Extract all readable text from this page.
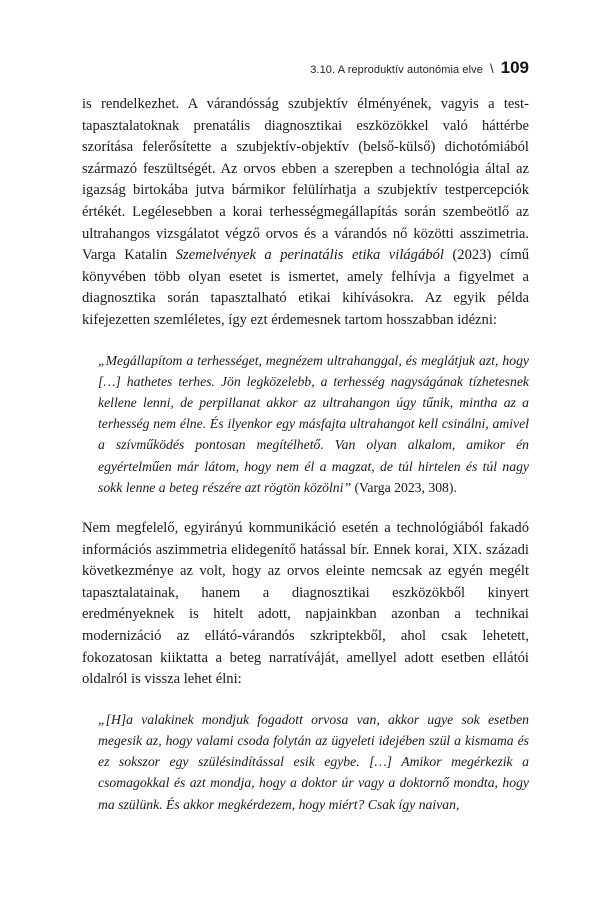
3.10. A reproduktív autonómia elve \ 109

is rendelkezhet. A várandósság szubjektív élményének, vagyis a testtapasztalatoknak prenatális diagnosztikai eszközökkel való háttérbe szorítása felerősítette a szubjektív-objektív (belső-külső) dichotómiából származó feszültségét. Az orvos ebben a szerepben a technológia által az igazság birtokába jutva bármikor felülírhatja a szubjektív testpercepciók értékét. Legélesebben a korai terhességmegállapítás során szembeötlő az ultrahangos vizsgálatot végző orvos és a várandós nő közötti asszimetria. Varga Katalin Szemelvények a perinatális etika világából (2023) című könyvében több olyan esetet is ismertet, amely felhívja a figyelmet a diagnosztika során tapasztalható etikai kihívásokra. Az egyik példa kifejezetten szemléletes, így ezt érdemesnek tartom hosszabban idézni:

„Megállapítom a terhességet, megnézem ultrahanggal, és meglátjuk azt, hogy […] hathetes terhes. Jön legközelebb, a terhesség nagyságának tízhetesnek kellene lenni, de perpillanat akkor az ultrahangon úgy tűnik, mintha az a terhesség nem élne. És ilyenkor egy másfajta ultrahangot kell csinálni, amivel a szívműködés pontosan megítélhető. Van olyan alkalom, amikor én egyértelműen már látom, hogy nem él a magzat, de túl hirtelen és túl nagy sokk lenne a beteg részére azt rögtön közölni” (Varga 2023, 308).

Nem megfelelő, egyirányú kommunikáció esetén a technológiából fakadó információs aszimmetria elidegenítő hatással bír. Ennek korai, XIX. századi következménye az volt, hogy az orvos eleinte nemcsak az egyén megélt tapasztalatainak, hanem a diagnosztikai eszközökből kinyert eredményeknek is hitelt adott, napjainkban azonban a technikai modernizáció az ellátó-várandós szkriptekből, ahol csak lehetett, fokozatosan kiiktatta a beteg narratíváját, amellyel adott esetben ellátói oldalról is vissza lehet élni:

„[H]a valakinek mondjuk fogadott orvosa van, akkor ugye sok esetben megesik az, hogy valami csoda folytán az ügyeleti idejében szül a kismama és ez sokszor egy szülésindítással esik egybe. […] Amikor megérkezik a csomagokkal és azt mondja, hogy a doktor úr vagy a doktornő mondta, hogy ma szülünk. És akkor megkérdezem, hogy miért? Csak így naivan,
